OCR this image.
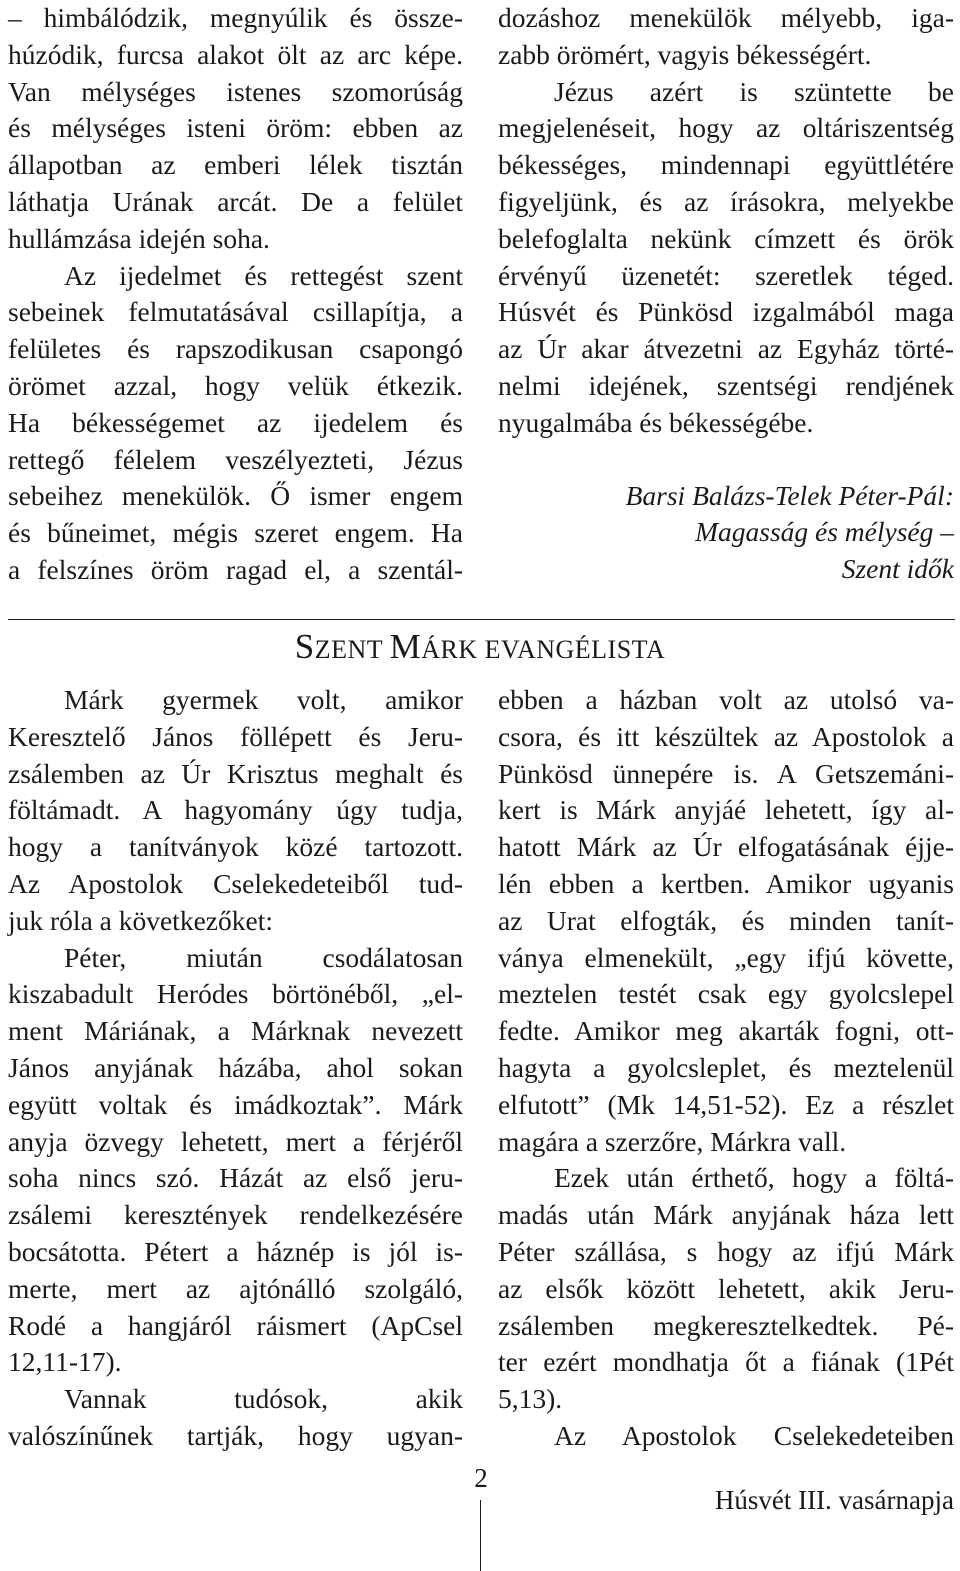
– himbálódzik, megnyúlik és össze-

húzódik, furcsa alakot ölt az arc képe.

Van mélységes istenes szomorúság

és mélységes isteni öröm: ebben az

állapotban az emberi lélek tisztán

láthatja Urának arcát. De a felület

hullámzása idején soha.

Az ijedelmet és rettegést szent

sebeinek felmutatásával csillapítja, a

felületes és rapszodikusan csapongó

örömet azzal, hogy velük étkezik.

Ha békességemet az ijedelem és

rettegő félelem veszélyezteti, Jézus

sebeihez menekülök. Ő ismer engem

és bűneimet, mégis szeret engem. Ha

a felszínes öröm ragad el, a szentál-

dozáshoz menekülök mélyebb, iga-

zabb örömért, vagyis békességért.

Jézus azért is szüntette be

megjelenéseit, hogy az oltáriszentség

békességes, mindennapi együttlétére

figyeljünk, és az írásokra, melyekbe

belefoglalta nekünk címzett és örök

érvényű üzenetét: szeretlek téged.

Húsvét és Pünkösd izgalmából maga

az Úr akar átvezetni az Egyház törté-

nelmi idejének, szentségi rendjének

nyugalmába és békességébe.

Barsi Balázs-Telek Péter-Pál:

Magasság és mélység –

Szent idők

SZENT MÁRK EVANGÉLISTA

Márk gyermek volt, amikor

Keresztelő János föllépett és Jeru-

zsálemben az Úr Krisztus meghalt és

föltámadt. A hagyomány úgy tudja,

hogy a tanítványok közé tartozott.

Az Apostolok Cselekedeteiből tud-

juk róla a következőket:

Péter, miután csodálatosan

kiszabadult Heródes börtönéből, „el-

ment Máriának, a Márknak nevezett

János anyjának házába, ahol sokan

együtt voltak és imádkoztak”. Márk

anyja özvegy lehetett, mert a férjéről

soha nincs szó. Házát az első jeru-

zsálemi keresztények rendelkezésére

bocsátotta. Pétert a háznép is jól is-

merte, mert az ajtónálló szolgáló,

Rodé a hangjáról ráismert (ApCsel

12,11-17).

Vannak tudósok, akik

valószínűnek tartják, hogy ugyan-

ebben a házban volt az utolsó va-

csora, és itt készültek az Apostolok a

Pünkösd ünnepére is. A Getszemáni-

kert is Márk anyjáé lehetett, így al-

hatott Márk az Úr elfogatásának éjje-

lén ebben a kertben. Amikor ugyanis

az Urat elfogták, és minden tanít-

ványa elmenekült, „egy ifjú követte,

meztelen testét csak egy gyolcslepel

fedte. Amikor meg akarták fogni, ott-

hagyta a gyolcsleplet, és meztelenül

elfutott” (Mk 14,51-52). Ez a részlet

magára a szerzőre, Márkra vall.

Ezek után érthető, hogy a föltá-

madás után Márk anyjának háza lett

Péter szállása, s hogy az ifjú Márk

az elsők között lehetett, akik Jeru-

zsálemben megkeresztelkedtek. Pé-

ter ezért mondhatja őt a fiának (1Pét

5,13).

Az Apostolok Cselekedeteiben

2
Húsvét III. vasárnapja
